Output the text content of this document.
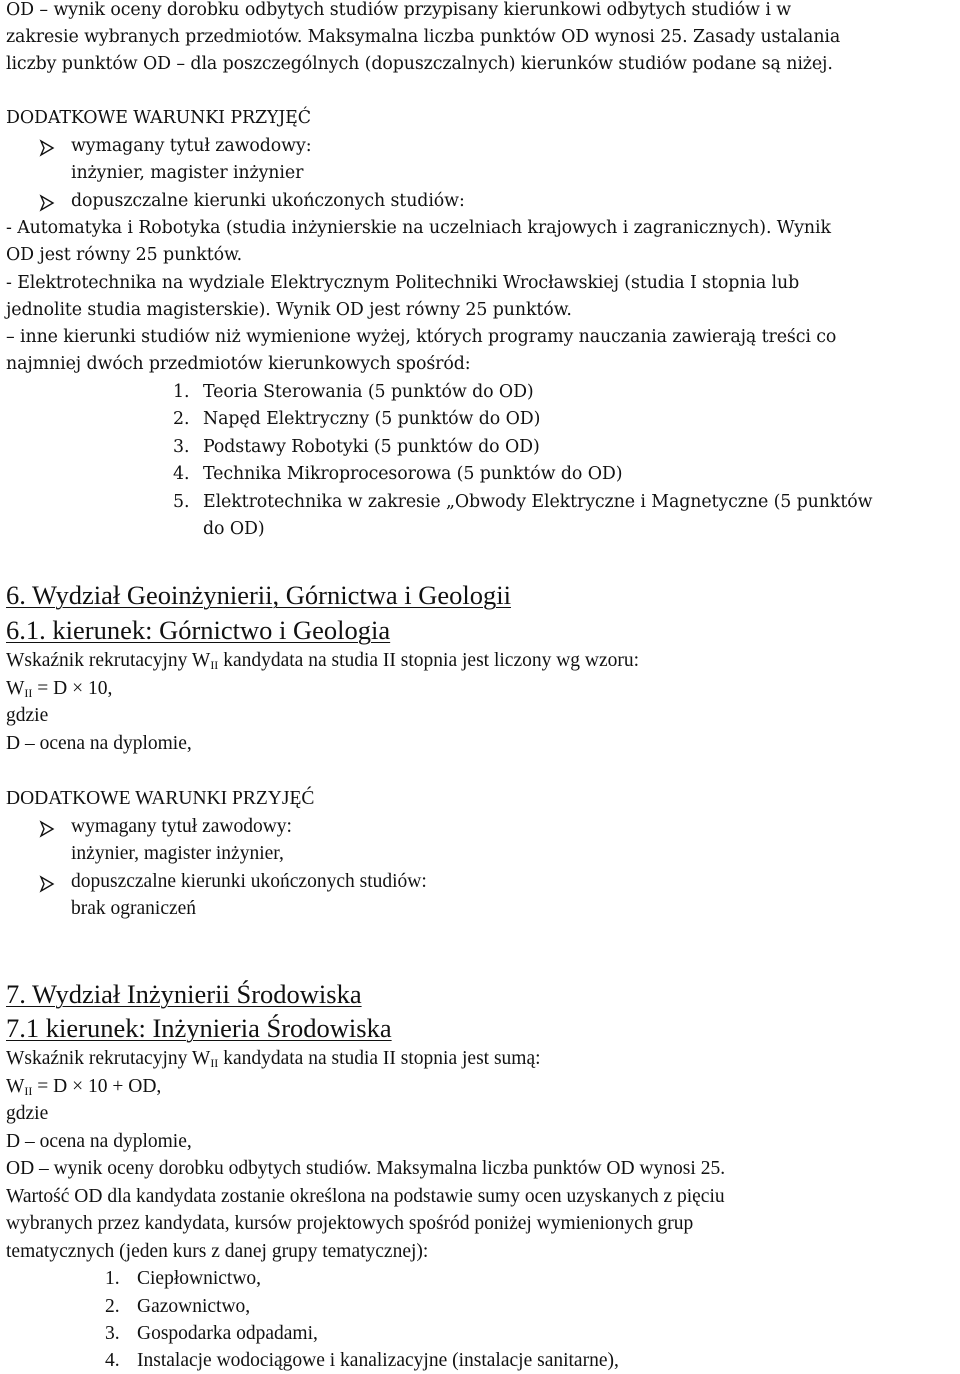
OD – wynik oceny dorobku odbytych studiów przypisany kierunkowi odbytych studiów i w
zakresie wybranych przedmiotów. Maksymalna liczba punktów OD wynosi 25. Zasady ustalania
liczby punktów OD – dla poszczególnych (dopuszczalnych) kierunków studiów podane są niżej.
DODATKOWE WARUNKI PRZYJĘĆ
wymagany tytuł zawodowy:
inżynier, magister inżynier
dopuszczalne kierunki ukończonych studiów:
- Automatyka i Robotyka (studia inżynierskie na uczelniach krajowych i zagranicznych). Wynik
OD jest równy 25 punktów.
- Elektrotechnika na wydziale Elektrycznym Politechniki Wrocławskiej (studia I stopnia lub
jednolite studia magisterskie). Wynik OD jest równy 25 punktów.
– inne kierunki studiów niż wymienione wyżej, których programy nauczania zawierają treści co
najmniej dwóch przedmiotów kierunkowych spośród:
1. Teoria Sterowania (5 punktów do OD)
2. Napęd Elektryczny (5 punktów do OD)
3. Podstawy Robotyki (5 punktów do OD)
4. Technika Mikroprocesorowa (5 punktów do OD)
5. Elektrotechnika w zakresie „Obwody Elektryczne i Magnetyczne (5 punktów
do OD)
6. Wydział Geoinżynierii, Górnictwa i Geologii
6.1. kierunek: Górnictwo i Geologia
Wskaźnik rekrutacyjny $W_{II}$ kandydata na studia II stopnia jest liczony wg wzoru:
$W_{II} = D \times 10$,
gdzie
D – ocena na dyplomie,
DODATKOWE WARUNKI PRZYJĘĆ
wymagany tytuł zawodowy:
inżynier, magister inżynier,
dopuszczalne kierunki ukończonych studiów:
brak ograniczeń
7. Wydział Inżynierii Środowiska
7.1 kierunek: Inżynieria Środowiska
Wskaźnik rekrutacyjny $W_{II}$ kandydata na studia II stopnia jest sumą:
$W_{II} = D \times 10$ + OD,
gdzie
D – ocena na dyplomie,
OD – wynik oceny dorobku odbytych studiów. Maksymalna liczba punktów OD wynosi 25.
Wartość OD dla kandydata zostanie określona na podstawie sumy ocen uzyskanych z pięciu
wybranych przez kandydata, kursów projektowych spośród poniżej wymienionych grup
tematycznych (jeden kurs z danej grupy tematycznej):
1. Ciepłownictwo,
2. Gazownictwo,
3. Gospodarka odpadami,
4. Instalacje wodociągowe i kanalizacyjne (instalacje sanitarne),
